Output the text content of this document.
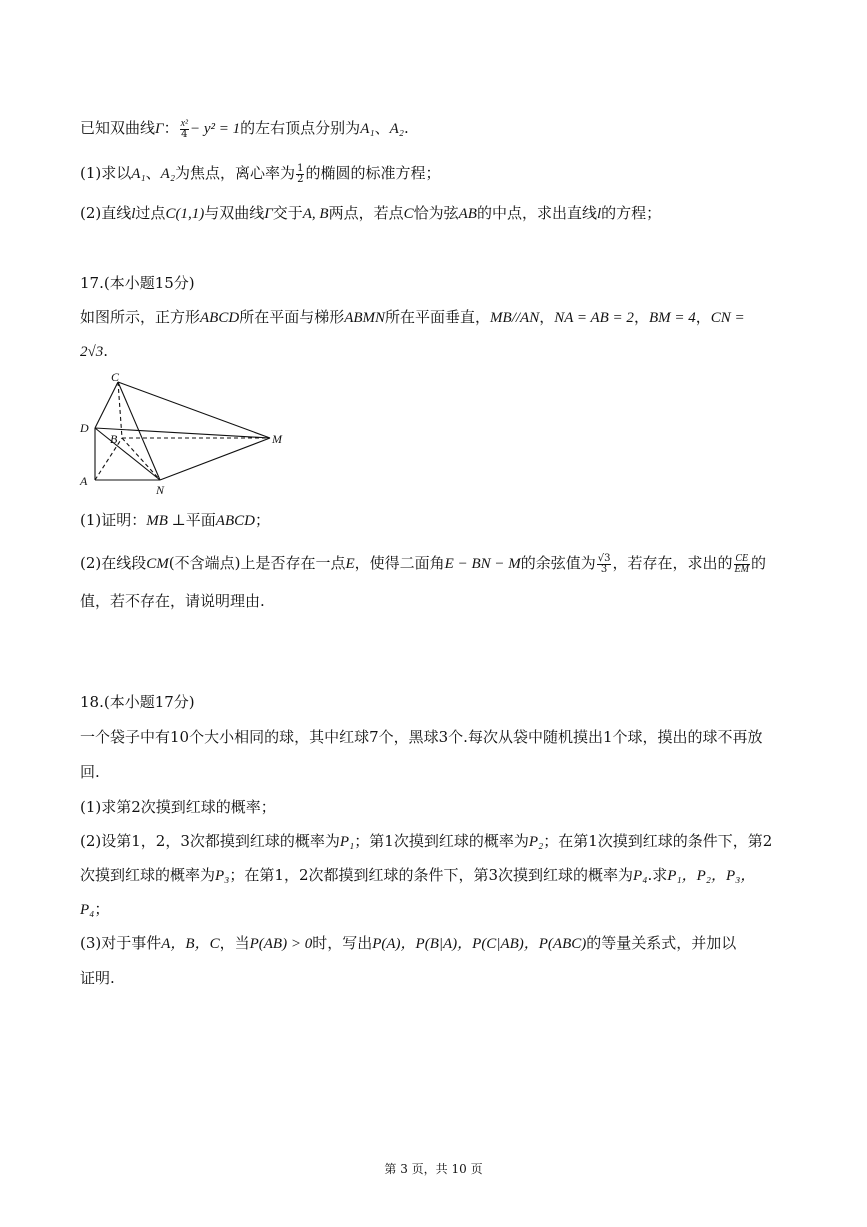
已知双曲线Γ： $\frac{\text{x²}}{4} - y^2 = 1$的左右顶点分别为A₁、A₂.
(1)求以A₁、A₂为焦点，离心率为 $\frac{1}{2}$ 的椭圆的标准方程；
(2)直线l过点C(1,1)与双曲线Γ交于A, B两点，若点C恰为弦AB的中点，求出直线l的方程；
17.(本小题15分)
如图所示，正方形ABCD所在平面与梯形ABMN所在平面垂直，MB//AN，NA = AB = 2，BM = 4，CN =
2√3.
C
D
B
A
N
M
(1)证明：MB ⊥平面ABCD；
(2)在线段CM(不含端点)上是否存在一点E，使得二面角E − BN − M的余弦值为 $\frac{√3}{3}$ ，若存在，求出的 $\frac{CE}{EM}$ 的
值，若不存在，请说明理由.
18.(本小题17分)
一个袋子中有10个大小相同的球，其中红球7个，黑球3个.每次从袋中随机摸出1个球，摸出的球不再放
回.
(1)求第2次摸到红球的概率；
(2)设第1，2，3次都摸到红球的概率为P₁；第1次摸到红球的概率为P₂；在第1次摸到红球的条件下，第2
次摸到红球的概率为P₃；在第1，2次都摸到红球的条件下，第3次摸到红球的概率为P₄.求P₁，P₂，P₃，
P₄；
(3)对于事件A，B，C，当P(AB) > 0时，写出P(A)，P(B|A)，P(C|AB)，P(ABC)的等量关系式，并加以
证明.
第 3 页，共 10 页
